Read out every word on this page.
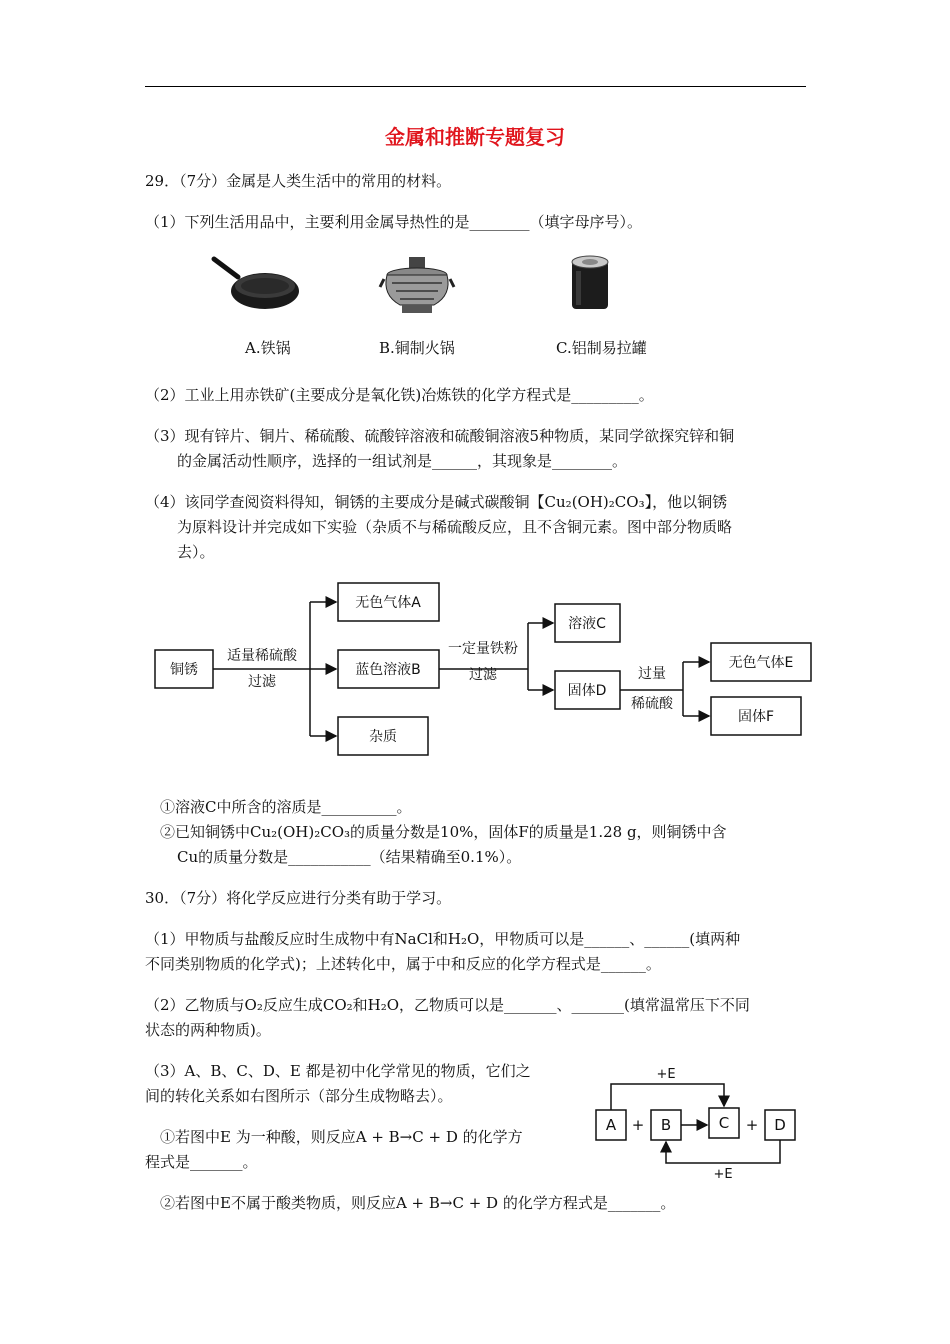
金属和推断专题复习
29．（7分）金属是人类生活中的常用的材料。
（1）下列生活用品中，主要利用金属导热性的是________（填字母序号）。
A.铁锅	B.铜制火锅	C.铝制易拉罐
（2）工业上用赤铁矿(主要成分是氧化铁)冶炼铁的化学方程式是_________。
（3）现有锌片、铜片、稀硫酸、硫酸锌溶液和硫酸铜溶液5种物质，某同学欲探究锌和铜
的金属活动性顺序，选择的一组试剂是______，其现象是________。
（4）该同学查阅资料得知，铜锈的主要成分是碱式碳酸铜【Cu₂(OH)₂CO₃】，他以铜锈
为原料设计并完成如下实验（杂质不与稀硫酸反应，且不含铜元素。图中部分物质略
去）。
铜锈
无色气体A
蓝色溶液B
杂质
溶液C
固体D
无色气体E
固体F
适量稀硫酸
过滤
一定量铁粉
过滤	过量
稀硫酸
①溶液C中所含的溶质是__________。
②已知铜锈中Cu₂(OH)₂CO₃的质量分数是10%，固体F的质量是1.28 g，则铜锈中含
Cu的质量分数是___________（结果精确至0.1%）。
30．（7分）将化学反应进行分类有助于学习。
（1）甲物质与盐酸反应时生成物中有NaCl和H₂O，甲物质可以是______、______(填两种
不同类别物质的化学式)；上述转化中，属于中和反应的化学方程式是______。
（2）乙物质与O₂反应生成CO₂和H₂O，乙物质可以是_______、_______(填常温常压下不同
状态的两种物质)。
（3）A、B、C、D、E 都是初中化学常见的物质，它们之
间的转化关系如右图所示（部分生成物略去）。
①若图中E 为一种酸，则反应A + B→C + D 的化学方
程式是_______。
②若图中E不属于酸类物质，则反应A + B→C + D 的化学方程式是_______。
A	B	C	D
+	+
+E
+E
